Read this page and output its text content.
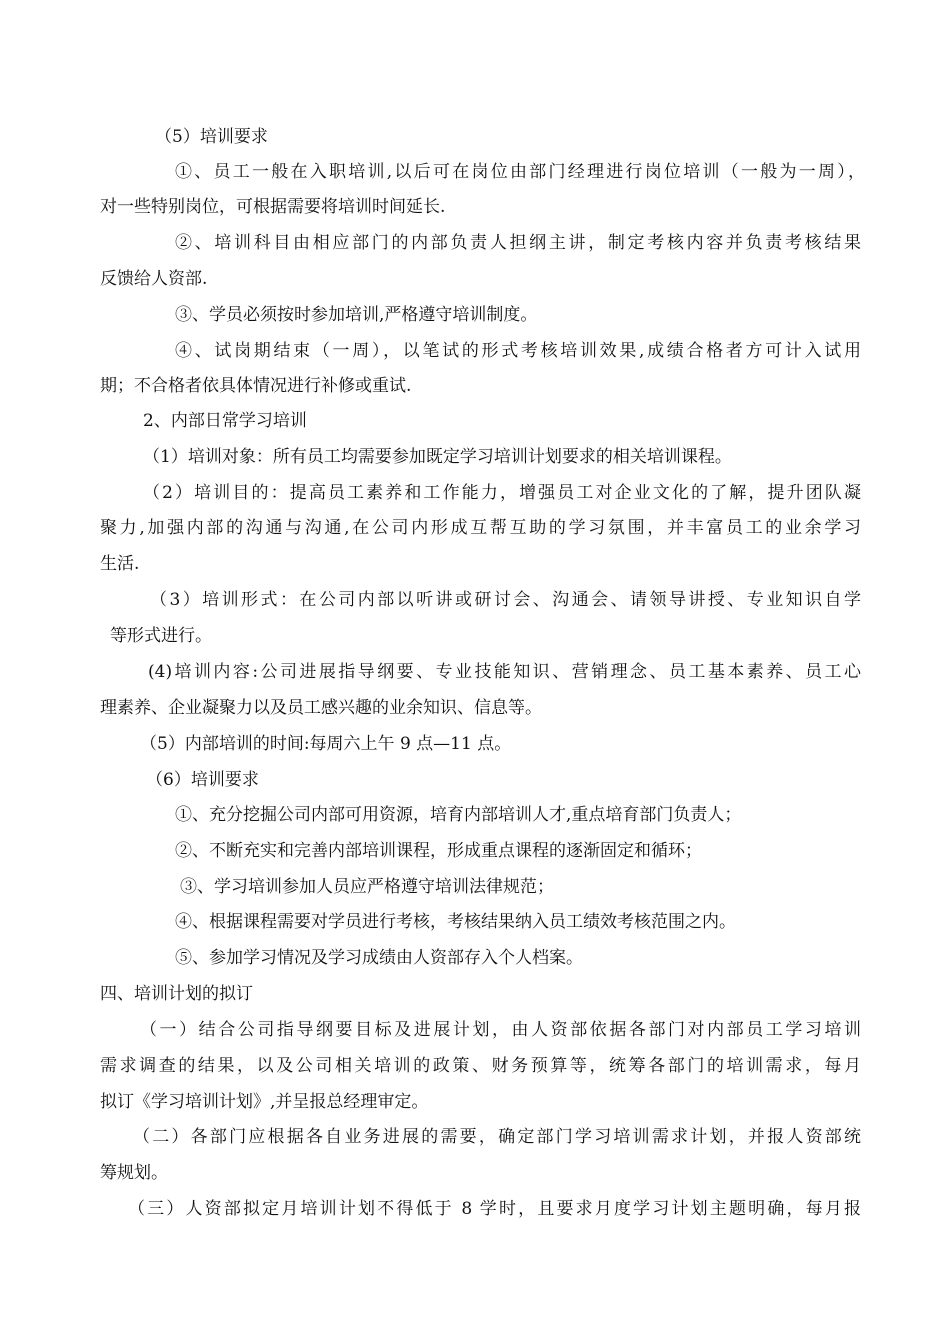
（5）培训要求
①、员工一般在入职培训,以后可在岗位由部门经理进行岗位培训（一般为一周），
对一些特别岗位，可根据需要将培训时间延长.
②、培训科目由相应部门的内部负责人担纲主讲，制定考核内容并负责考核结果
反馈给人资部.
③、学员必须按时参加培训,严格遵守培训制度。
④、试岗期结束（一周），以笔试的形式考核培训效果,成绩合格者方可计入试用
期；不合格者依具体情况进行补修或重试.
2、内部日常学习培训
（1）培训对象：所有员工均需要参加既定学习培训计划要求的相关培训课程。
（2）培训目的：提高员工素养和工作能力，增强员工对企业文化的了解，提升团队凝
聚力,加强内部的沟通与沟通,在公司内形成互帮互助的学习氛围，并丰富员工的业余学习
生活.
（3）培训形式：在公司内部以听讲或研讨会、沟通会、请领导讲授、专业知识自学
等形式进行。
(4)培训内容:公司进展指导纲要、专业技能知识、营销理念、员工基本素养、员工心
理素养、企业凝聚力以及员工感兴趣的业余知识、信息等。
（5）内部培训的时间:每周六上午 9 点—11 点。
（6）培训要求
①、充分挖掘公司内部可用资源，培育内部培训人才,重点培育部门负责人；
②、不断充实和完善内部培训课程，形成重点课程的逐渐固定和循环；
③、学习培训参加人员应严格遵守培训法律规范；
④、根据课程需要对学员进行考核，考核结果纳入员工绩效考核范围之内。
⑤、参加学习情况及学习成绩由人资部存入个人档案。
四、培训计划的拟订
（一）结合公司指导纲要目标及进展计划，由人资部依据各部门对内部员工学习培训
需求调查的结果，以及公司相关培训的政策、财务预算等，统筹各部门的培训需求，每月
拟订《学习培训计划》,并呈报总经理审定。
（二）各部门应根据各自业务进展的需要，确定部门学习培训需求计划，并报人资部统
筹规划。
（三）人资部拟定月培训计划不得低于 8 学时，且要求月度学习计划主题明确，每月报
